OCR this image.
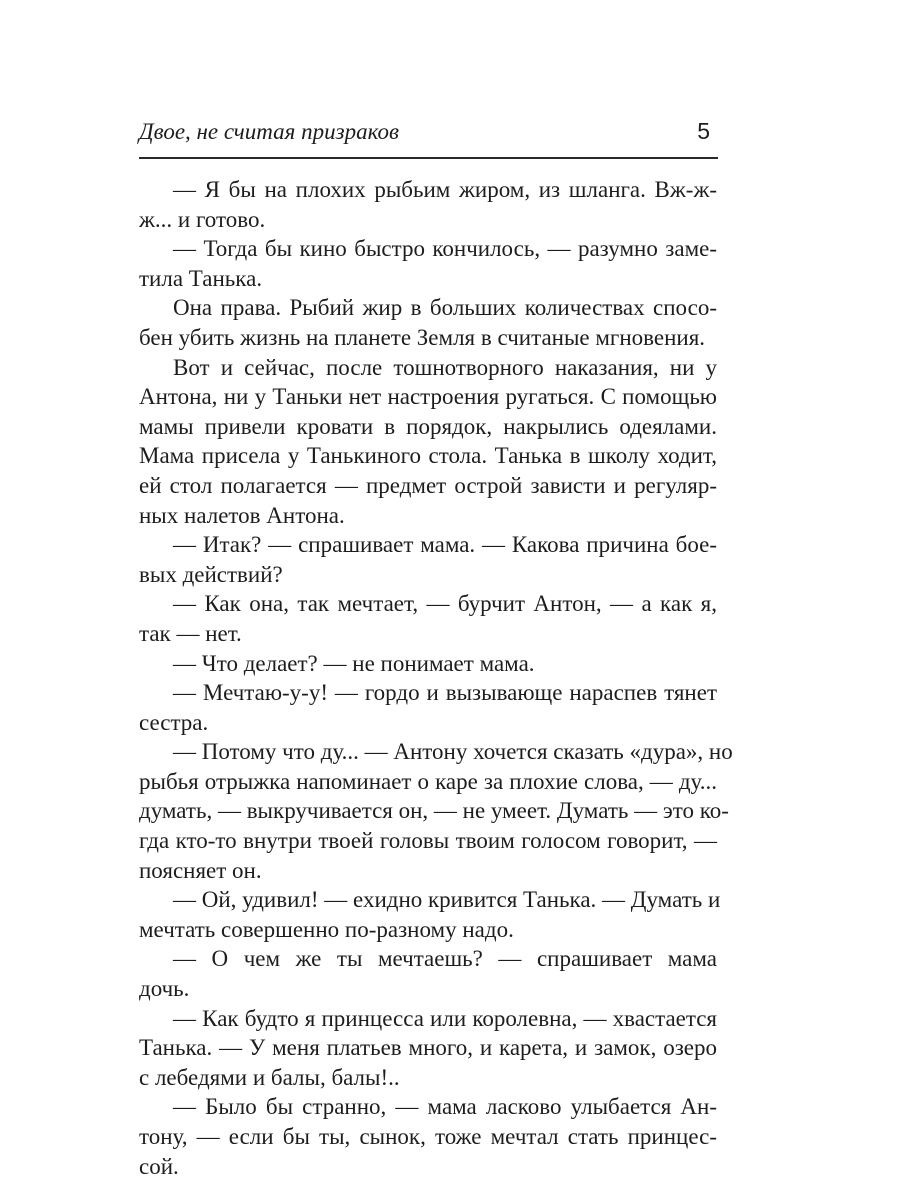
Двое, не считая призраков	5
— Я бы на плохих рыбьим жиром, из шланга. Вж-ж-
ж... и готово.
— Тогда бы кино быстро кончилось, — разумно заме-
тила Танька.
Она права. Рыбий жир в больших количествах спосо-
бен убить жизнь на планете Земля в считаные мгновения.
Вот и сейчас, после тошнотворного наказания, ни у
Антона, ни у Таньки нет настроения ругаться. С помощью
мамы привели кровати в порядок, накрылись одеялами.
Мама присела у Танькиного стола. Танька в школу ходит,
ей стол полагается — предмет острой зависти и регуляр-
ных налетов Антона.
— Итак? — спрашивает мама. — Какова причина бое-
вых действий?
— Как она, так мечтает, — бурчит Антон, — а как я,
так — нет.
— Что делает? — не понимает мама.
— Мечтаю-у-у! — гордо и вызывающе нараспев тянет
сестра.
— Потому что ду... — Антону хочется сказать «дура», но
рыбья отрыжка напоминает о каре за плохие слова, — ду...
думать, — выкручивается он, — не умеет. Думать — это ко-
гда кто-то внутри твоей головы твоим голосом говорит, —
поясняет он.
— Ой, удивил! — ехидно кривится Танька. — Думать и
мечтать совершенно по-разному надо.
— О чем же ты мечтаешь? — спрашивает мама
дочь.
— Как будто я принцесса или королевна, — хвастается
Танька. — У меня платьев много, и карета, и замок, озеро
с лебедями и балы, балы!..
— Было бы странно, — мама ласково улыбается Ан-
тону, — если бы ты, сынок, тоже мечтал стать принцес-
сой.
